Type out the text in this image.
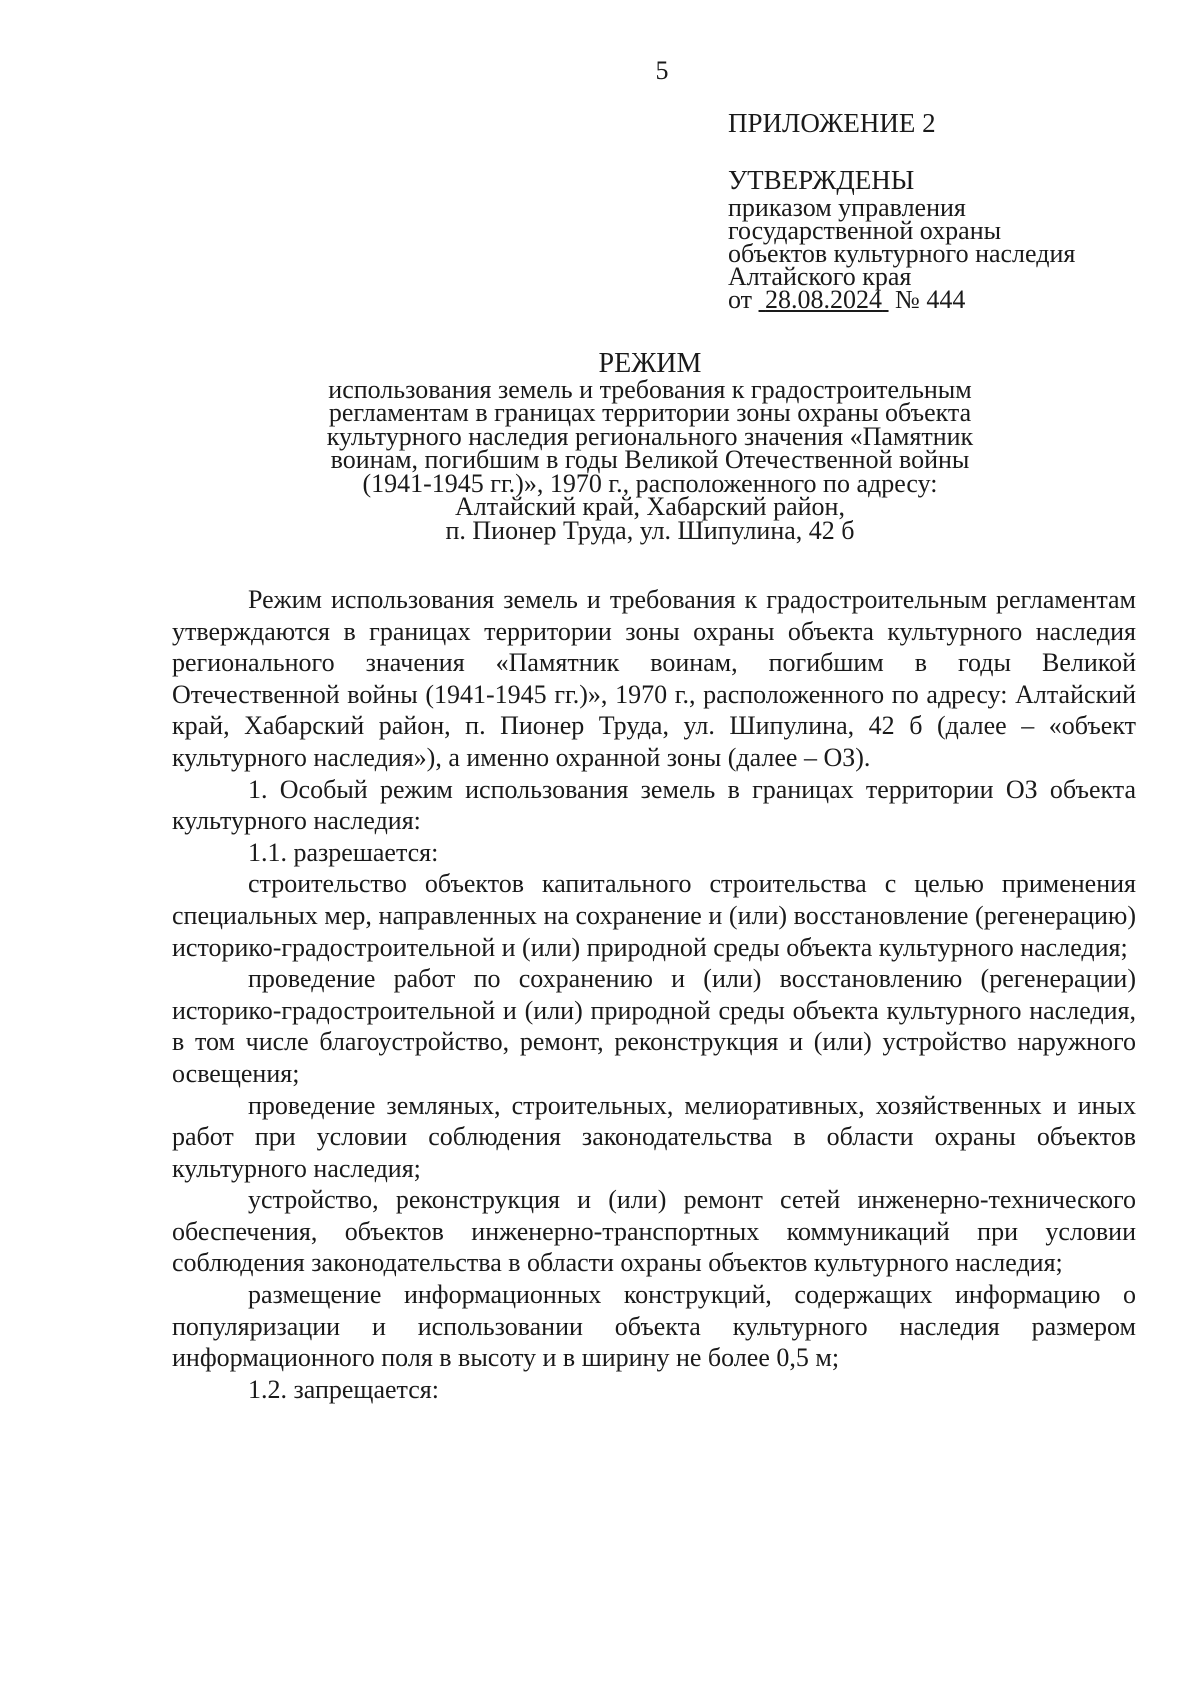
5
ПРИЛОЖЕНИЕ 2
УТВЕРЖДЕНЫ
приказом управления
государственной охраны
объектов культурного наследия
Алтайского края
от 28.08.2024 № 444
РЕЖИМ
использования земель и требования к градостроительным
регламентам в границах территории зоны охраны объекта
культурного наследия регионального значения «Памятник
воинам, погибшим в годы Великой Отечественной войны
(1941-1945 гг.)», 1970 г., расположенного по адресу:
Алтайский край, Хабарский район,
п. Пионер Труда, ул. Шипулина, 42 б

Режим использования земель и требования к градостроительным регламентам утверждаются в границах территории зоны охраны объекта культурного наследия регионального значения «Памятник воинам, погибшим в годы Великой Отечественной войны (1941-1945 гг.)», 1970 г., расположенного по адресу: Алтайский край, Хабарский район, п. Пионер Труда, ул. Шипулина, 42 б (далее – «объект культурного наследия»), а именно охранной зоны (далее – ОЗ).

1. Особый режим использования земель в границах территории ОЗ объекта культурного наследия:

1.1. разрешается:

строительство объектов капитального строительства с целью применения специальных мер, направленных на сохранение и (или) восстановление (регенерацию) историко-градостроительной и (или) природной среды объекта культурного наследия;

проведение работ по сохранению и (или) восстановлению (регенерации) историко-градостроительной и (или) природной среды объекта культурного наследия, в том числе благоустройство, ремонт, реконструкция и (или) устройство наружного освещения;

проведение земляных, строительных, мелиоративных, хозяйственных и иных работ при условии соблюдения законодательства в области охраны объектов культурного наследия;

устройство, реконструкция и (или) ремонт сетей инженерно-технического обеспечения, объектов инженерно-транспортных коммуникаций при условии соблюдения законодательства в области охраны объектов культурного наследия;

размещение информационных конструкций, содержащих информацию о популяризации и использовании объекта культурного наследия размером информационного поля в высоту и в ширину не более 0,5 м;

1.2. запрещается:
